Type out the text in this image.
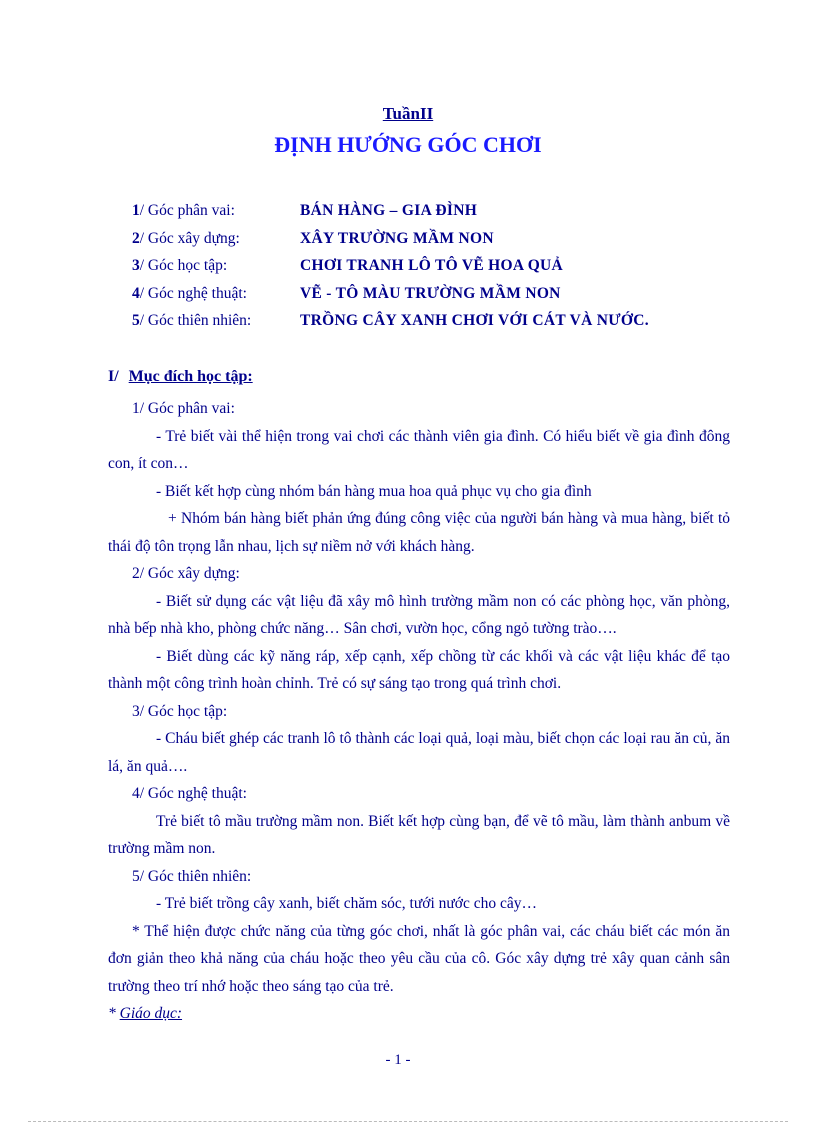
TuầnII
ĐỊNH HƯỚNG GÓC CHƠI
1/ Góc phân vai:	BÁN HÀNG – GIA ĐÌNH
2/ Góc xây dựng:	XÂY TRƯỜNG MẦM NON
3/ Góc học tập:	CHƠI TRANH LÔ TÔ VẼ HOA QUẢ
4/ Góc nghệ thuật:	VẼ - TÔ MÀU TRƯỜNG MẦM NON
5/ Góc thiên nhiên:	TRỒNG CÂY XANH CHƠI VỚI CÁT VÀ NƯỚC.
I/ Mục đích học tập:
1/ Góc phân vai:
- Trẻ biết vài thể hiện trong vai chơi các thành viên gia đình. Có hiểu biết về gia đình đông con, ít con…
- Biết kết hợp cùng nhóm bán hàng mua hoa quả phục vụ cho gia đình
+ Nhóm bán hàng biết phản ứng đúng công việc của người bán hàng và mua hàng, biết tỏ thái độ tôn trọng lẫn nhau, lịch sự niềm nở với khách hàng.
2/ Góc xây dựng:
- Biết sử dụng các vật liệu đã xây mô hình trường mầm non có các phòng học, văn phòng, nhà bếp nhà kho, phòng chức năng… Sân chơi, vườn học, cổng ngỏ tường trào….
- Biết dùng các kỹ năng ráp, xếp cạnh, xếp chồng từ các khối và các vật liệu khác để tạo thành một công trình hoàn chỉnh. Trẻ có sự sáng tạo trong quá trình chơi.
3/ Góc học tập:
- Cháu biết ghép các tranh lô tô thành các loại quả, loại màu, biết chọn các loại rau ăn củ, ăn lá, ăn quả….
4/ Góc nghệ thuật:
Trẻ biết tô mầu trường mầm non. Biết kết hợp cùng bạn, để vẽ tô mầu, làm thành anbum về trường mầm non.
5/ Góc thiên nhiên:
- Trẻ biết trồng cây xanh, biết chăm sóc, tưới nước cho cây…
* Thể hiện được chức năng của từng góc chơi, nhất là góc phân vai, các cháu biết các món ăn đơn giản theo khả năng của cháu hoặc theo yêu cầu của cô. Góc xây dựng trẻ xây quan cảnh sân trường theo trí nhớ hoặc theo sáng tạo của trẻ.
* Giáo dục:
- 1 -
